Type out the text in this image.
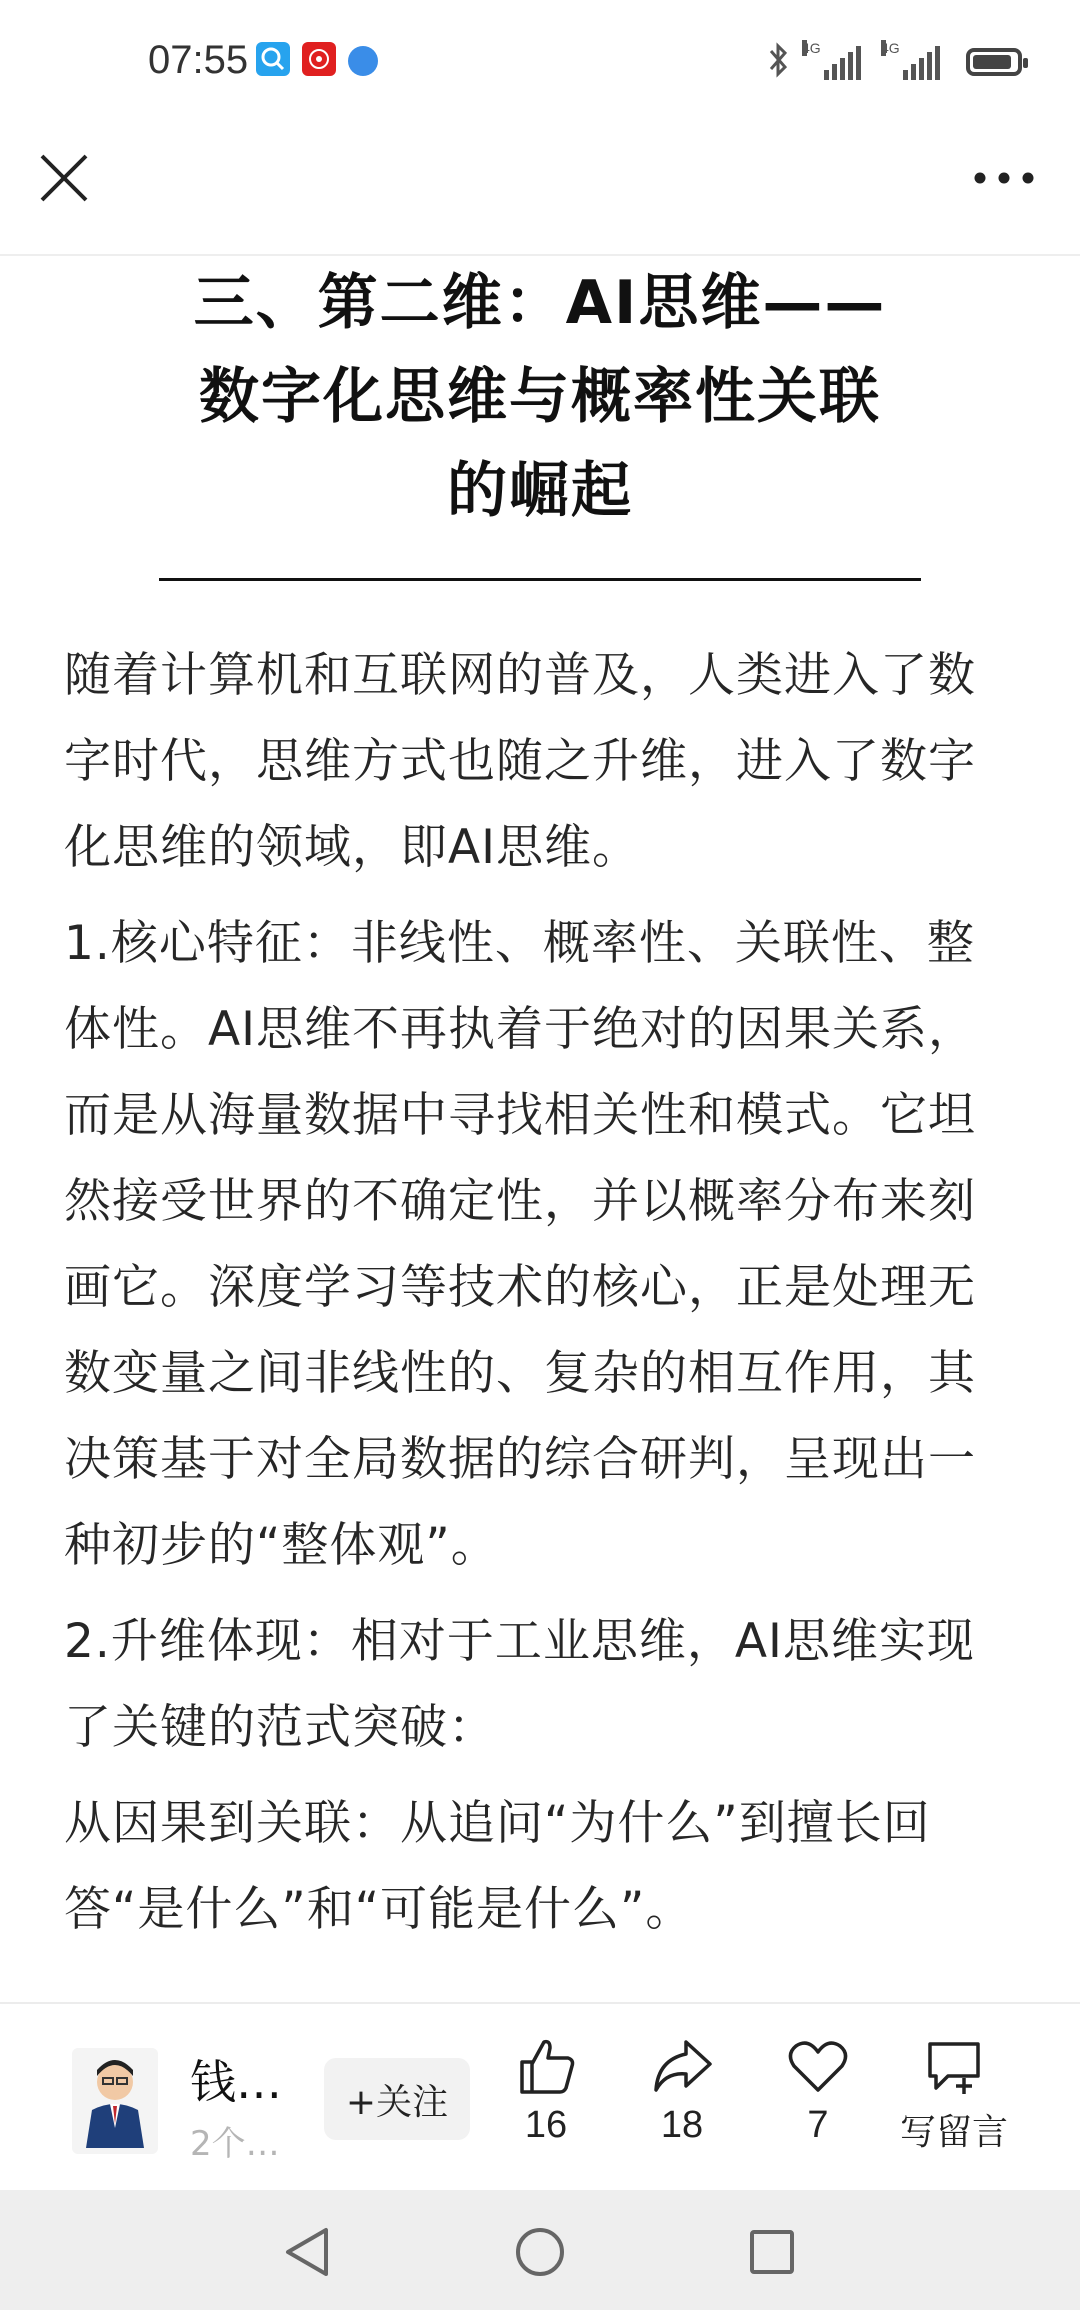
07:55	4G	4G
三、第二维：AI思维——
数字化思维与概率性关联
的崛起

随着计算机和互联网的普及，人类进入了数字时代，思维方式也随之升维，进入了数字化思维的领域，即AI思维。

1.核心特征：非线性、概率性、关联性、整体性。AI思维不再执着于绝对的因果关系，而是从海量数据中寻找相关性和模式。它坦然接受世界的不确定性，并以概率分布来刻画它。深度学习等技术的核心，正是处理无数变量之间非线性的、复杂的相互作用，其决策基于对全局数据的综合研判，呈现出一种初步的“整体观”。

2.升维体现：相对于工业思维，AI思维实现了关键的范式突破：

从因果到关联：从追问“为什么”到擅长回答“是什么”和“可能是什么”。

钱…
2个…
+关注
16	18	7	写留言
